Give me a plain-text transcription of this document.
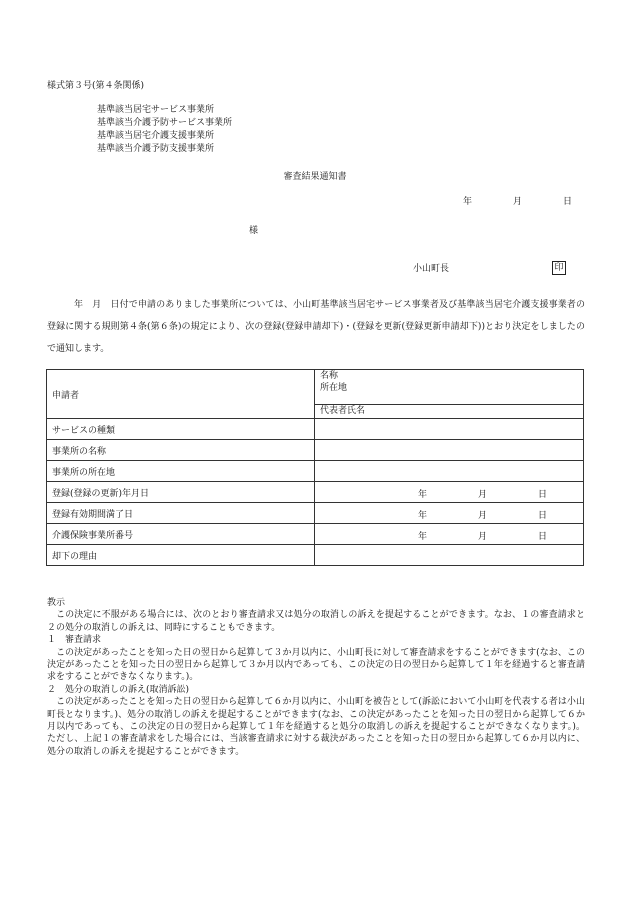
様式第３号(第４条関係)
基準該当居宅サービス事業所
基準該当介護予防サービス事業所
基準該当居宅介護支援事業所
基準該当介護予防支援事業所
審査結果通知書
年	月	日
様
小山町長	印
年　月　日付で申請のありました事業所については、小山町基準該当居宅サービス事業者及び基準該当居宅介護支援事業者の登録に関する規則第４条(第６条)の規定により、次の登録(登録申請却下)・(登録を更新(登録更新申請却下))とおり決定をしましたので通知します。
申請者	名称
所在地
代表者氏名

サービスの種類	
事業所の名称	
事業所の所在地	
登録(登録の更新)年月日	年 月 日

登録有効期間満了日	年 月 日

介護保険事業所番号	年 月 日

却下の理由	

教示

この決定に不服がある場合には、次のとおり審査請求又は処分の取消しの訴えを提起することができます。なお、１の審査請求と２の処分の取消しの訴えは、同時にすることもできます。

１　審査請求

この決定があったことを知った日の翌日から起算して３か月以内に、小山町長に対して審査請求をすることができます(なお、この決定があったことを知った日の翌日から起算して３か月以内であっても、この決定の日の翌日から起算して１年を経過すると審査請求をすることができなくなります。)。

２　処分の取消しの訴え(取消訴訟)

この決定があったことを知った日の翌日から起算して６か月以内に、小山町を被告として(訴訟において小山町を代表する者は小山町長となります。)、処分の取消しの訴えを提起することができます(なお、この決定があったことを知った日の翌日から起算して６か月以内であっても、この決定の日の翌日から起算して１年を経過すると処分の取消しの訴えを提起することができなくなります。)。ただし、上記１の審査請求をした場合には、当該審査請求に対する裁決があったことを知った日の翌日から起算して６か月以内に、処分の取消しの訴えを提起することができます。
